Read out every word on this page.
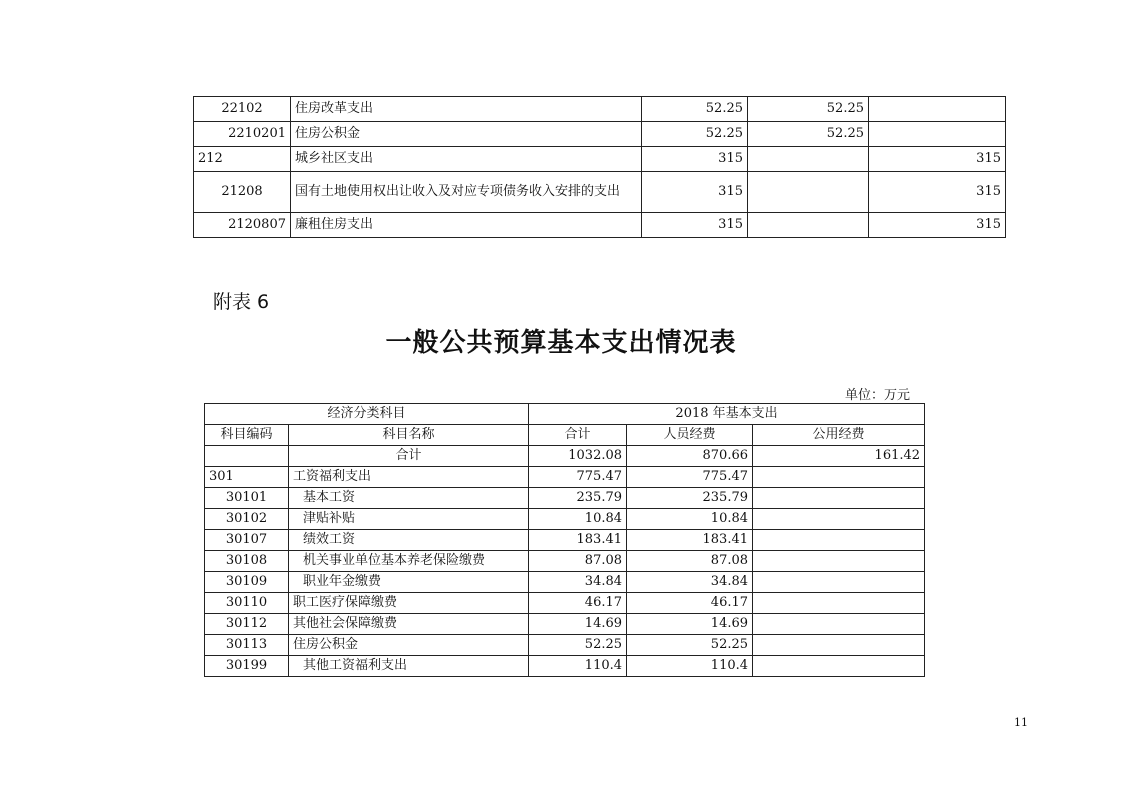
22102	住房改革支出	52.25	52.25	
2210201	住房公积金	52.25	52.25	
212	城乡社区支出	315		315
21208	国有土地使用权出让收入及对应专项债务收入安排的支出	315		315
2120807	廉租住房支出	315		315
附表 6
一般公共预算基本支出情况表
单位：万元
经济分类科目		2018 年基本支出		
科目编码	科目名称	合计	人员经费	公用经费
	合计	1032.08	870.66	161.42
301	工资福利支出	775.47	775.47	
30101	基本工资	235.79	235.79	
30102	津贴补贴	10.84	10.84	
30107	绩效工资	183.41	183.41	
30108	机关事业单位基本养老保险缴费	87.08	87.08	
30109	职业年金缴费	34.84	34.84	
30110	职工医疗保障缴费	46.17	46.17	
30112	其他社会保障缴费	14.69	14.69	
30113	住房公积金	52.25	52.25	
30199	其他工资福利支出	110.4	110.4	
11
